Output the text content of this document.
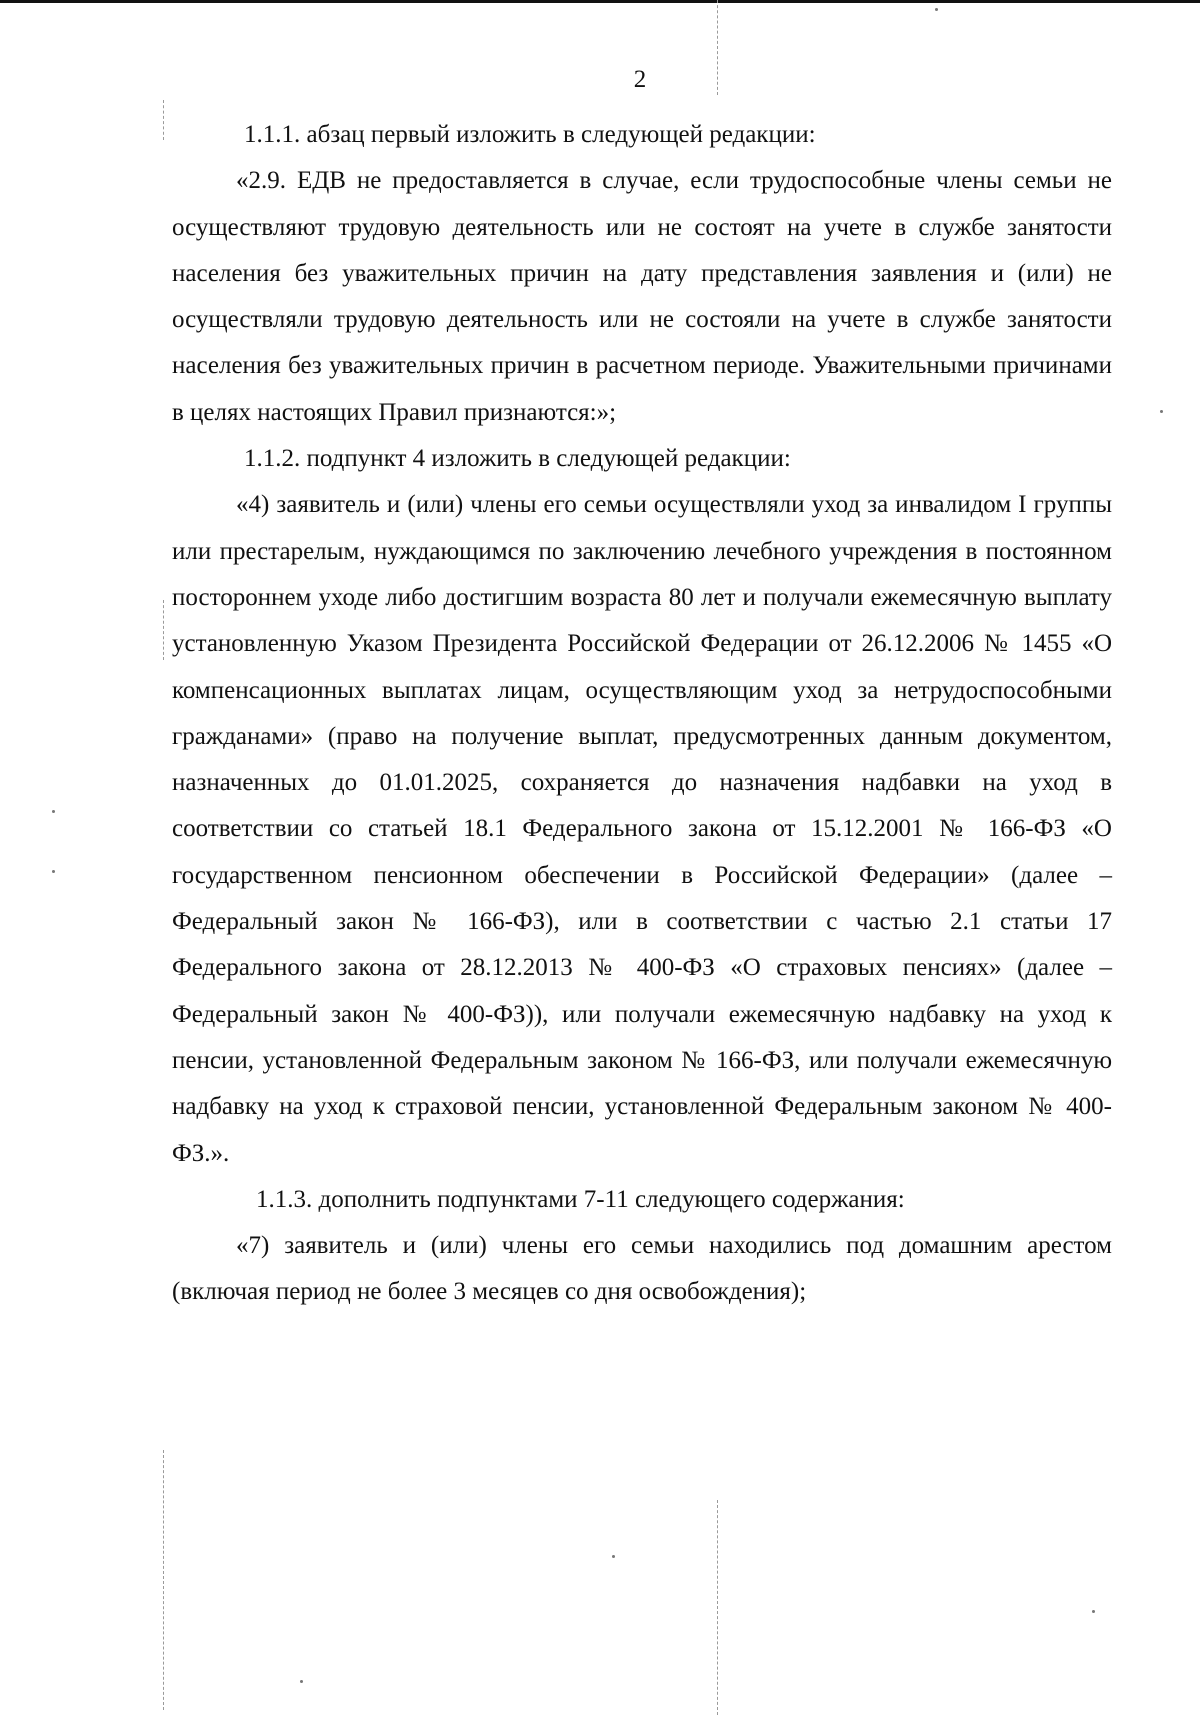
2

1.1.1. абзац первый изложить в следующей редакции:

«2.9. ЕДВ не предоставляется в случае, если трудоспособные члены семьи не осуществляют трудовую деятельность или не состоят на учете в службе занятости населения без уважительных причин на дату представления заявления и (или) не осуществляли трудовую деятельность или не состояли на учете в службе занятости населения без уважительных причин в расчетном периоде. Уважительными причинами в целях настоящих Правил признаются:»;

1.1.2. подпункт 4 изложить в следующей редакции:

«4) заявитель и (или) члены его семьи осуществляли уход за инвалидом I группы или престарелым, нуждающимся по заключению лечебного учреждения в постоянном постороннем уходе либо достигшим возраста 80 лет и получали ежемесячную выплату установленную Указом Президента Российской Федерации от 26.12.2006 № 1455 «О компенсационных выплатах лицам, осуществляющим уход за нетрудоспособными гражданами» (право на получение выплат, предусмотренных данным документом, назначенных до 01.01.2025, сохраняется до назначения надбавки на уход в соответствии со статьей 18.1 Федерального закона от 15.12.2001 № 166-ФЗ «О государственном пенсионном обеспечении в Российской Федерации» (далее – Федеральный закон № 166-ФЗ), или в соответствии с частью 2.1 статьи 17 Федерального закона от 28.12.2013 № 400-ФЗ «О страховых пенсиях» (далее – Федеральный закон № 400-ФЗ)), или получали ежемесячную надбавку на уход к пенсии, установленной Федеральным законом № 166-ФЗ, или получали ежемесячную надбавку на уход к страховой пенсии, установленной Федеральным законом № 400-ФЗ.».

1.1.3. дополнить подпунктами 7-11 следующего содержания:

«7) заявитель и (или) члены его семьи находились под домашним арестом (включая период не более 3 месяцев со дня освобождения);
